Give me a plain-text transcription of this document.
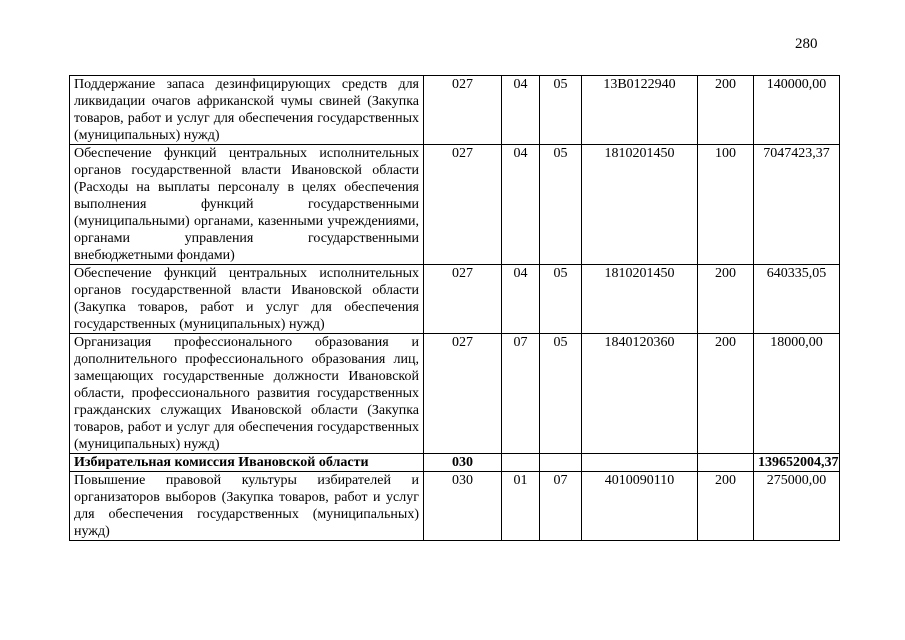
280
Поддержание запаса дезинфицирующих средств для ликвидации очагов африканской чумы свиней (Закупка товаров, работ и услуг для обеспечения государственных (муниципальных) нужд)	027	04	05	13В0122940	200	140000,00
Обеспечение функций центральных исполнительных органов государственной власти Ивановской области (Расходы на выплаты персоналу в целях обеспечения выполнения функций государственными (муниципальными) органами, казенными учреждениями, органами управления государственными внебюджетными фондами)	027	04	05	1810201450	100	7047423,37
Обеспечение функций центральных исполнительных органов государственной власти Ивановской области (Закупка товаров, работ и услуг для обеспечения государственных (муниципальных) нужд)	027	04	05	1810201450	200	640335,05
Организация профессионального образования и дополнительного профессионального образования лиц, замещающих государственные должности Ивановской области, профессионального развития государственных гражданских служащих Ивановской области (Закупка товаров, работ и услуг для обеспечения государственных (муниципальных) нужд)	027	07	05	1840120360	200	18000,00
Избирательная комиссия Ивановской области	030					139652004,37
Повышение правовой культуры избирателей и организаторов выборов (Закупка товаров, работ и услуг для обеспечения государственных (муниципальных) нужд)	030	01	07	4010090110	200	275000,00
